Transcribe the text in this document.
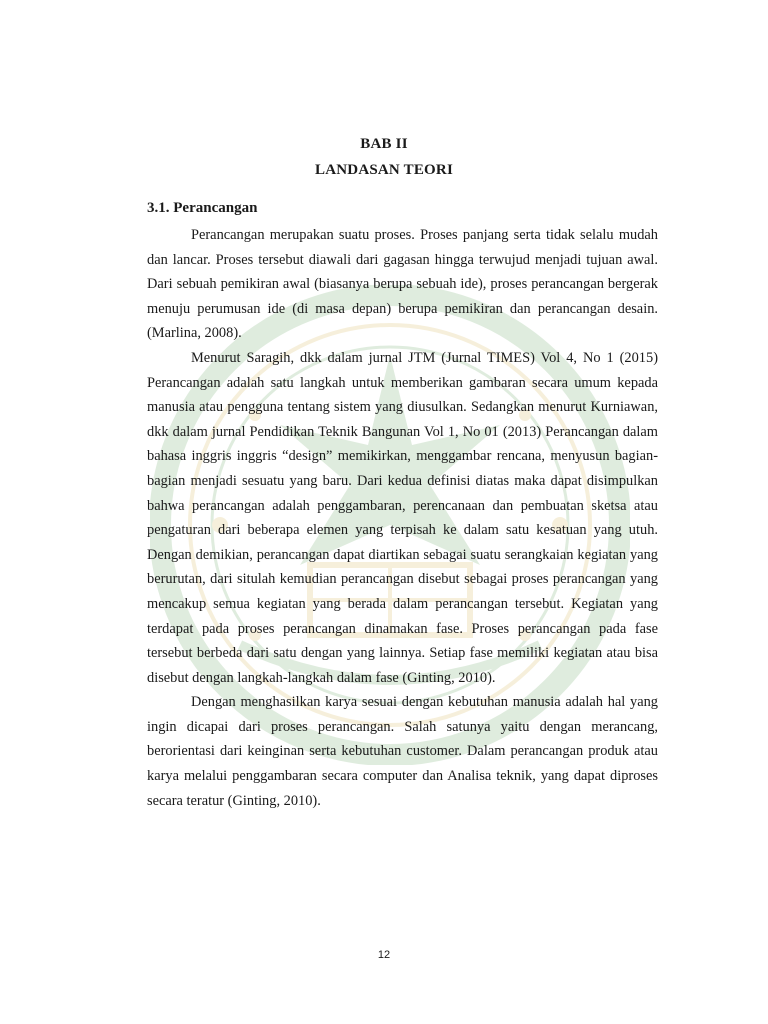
BAB II
LANDASAN TEORI
3.1. Perancangan

Perancangan merupakan suatu proses. Proses panjang serta tidak selalu mudah dan lancar. Proses tersebut diawali dari gagasan hingga terwujud menjadi tujuan awal. Dari sebuah pemikiran awal (biasanya berupa sebuah ide), proses perancangan bergerak menuju perumusan ide (di masa depan) berupa pemikiran dan perancangan desain. (Marlina, 2008).

Menurut Saragih, dkk dalam jurnal JTM (Jurnal TIMES) Vol 4, No 1 (2015) Perancangan adalah satu langkah untuk memberikan gambaran secara umum kepada manusia atau pengguna tentang sistem yang diusulkan. Sedangkan menurut Kurniawan, dkk dalam jurnal Pendidikan Teknik Bangunan Vol 1, No 01 (2013) Perancangan dalam bahasa inggris inggris “design” memikirkan, menggambar rencana, menyusun bagian-bagian menjadi sesuatu yang baru. Dari kedua definisi diatas maka dapat disimpulkan bahwa perancangan adalah penggambaran, perencanaan dan pembuatan sketsa atau pengaturan dari beberapa elemen yang terpisah ke dalam satu kesatuan yang utuh. Dengan demikian, perancangan dapat diartikan sebagai suatu serangkaian kegiatan yang berurutan, dari situlah kemudian perancangan disebut sebagai proses perancangan yang mencakup semua kegiatan yang berada dalam perancangan tersebut. Kegiatan yang terdapat pada proses perancangan dinamakan fase. Proses perancangan pada fase tersebut berbeda dari satu dengan yang lainnya. Setiap fase memiliki kegiatan atau bisa disebut dengan langkah-langkah dalam fase (Ginting, 2010).

Dengan menghasilkan karya sesuai dengan kebutuhan manusia adalah hal yang ingin dicapai dari proses perancangan. Salah satunya yaitu dengan merancang, berorientasi dari keinginan serta kebutuhan customer. Dalam perancangan produk atau karya melalui penggambaran secara computer dan Analisa teknik, yang dapat diproses secara teratur (Ginting, 2010).

12
